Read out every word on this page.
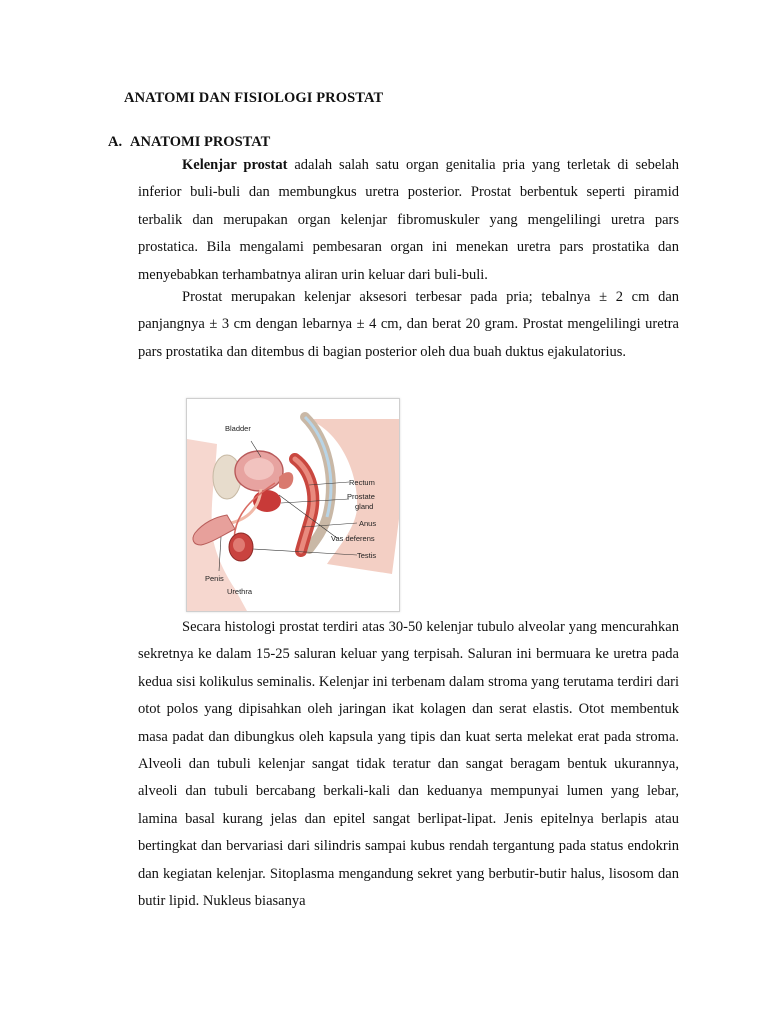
ANATOMI DAN FISIOLOGI PROSTAT
A. ANATOMI PROSTAT

Kelenjar prostat adalah salah satu organ genitalia pria yang terletak di sebelah inferior buli-buli dan membungkus uretra posterior. Prostat berbentuk seperti piramid terbalik dan merupakan organ kelenjar fibromuskuler yang mengelilingi uretra pars prostatica. Bila mengalami pembesaran organ ini menekan uretra pars prostatika dan menyebabkan terhambatnya aliran urin keluar dari buli-buli.

Prostat merupakan kelenjar aksesori terbesar pada pria; tebalnya ± 2 cm dan panjangnya ± 3 cm dengan lebarnya ± 4 cm, dan berat 20 gram. Prostat mengelilingi uretra pars prostatika dan ditembus di bagian posterior oleh dua buah duktus ejakulatorius.

Bladder
Rectum
Prostate
gland
Anus
Vas deferens
Testis
Penis
Urethra

Secara histologi prostat terdiri atas 30-50 kelenjar tubulo alveolar yang mencurahkan sekretnya ke dalam 15-25 saluran keluar yang terpisah. Saluran ini bermuara ke uretra pada kedua sisi kolikulus seminalis. Kelenjar ini terbenam dalam stroma yang terutama terdiri dari otot polos yang dipisahkan oleh jaringan ikat kolagen dan serat elastis. Otot membentuk masa padat dan dibungkus oleh kapsula yang tipis dan kuat serta melekat erat pada stroma. Alveoli dan tubuli kelenjar sangat tidak teratur dan sangat beragam bentuk ukurannya, alveoli dan tubuli bercabang berkali-kali dan keduanya mempunyai lumen yang lebar, lamina basal kurang jelas dan epitel sangat berlipat-lipat. Jenis epitelnya berlapis atau bertingkat dan bervariasi dari silindris sampai kubus rendah tergantung pada status endokrin dan kegiatan kelenjar. Sitoplasma mengandung sekret yang berbutir-butir halus, lisosom dan butir lipid. Nukleus biasanya
